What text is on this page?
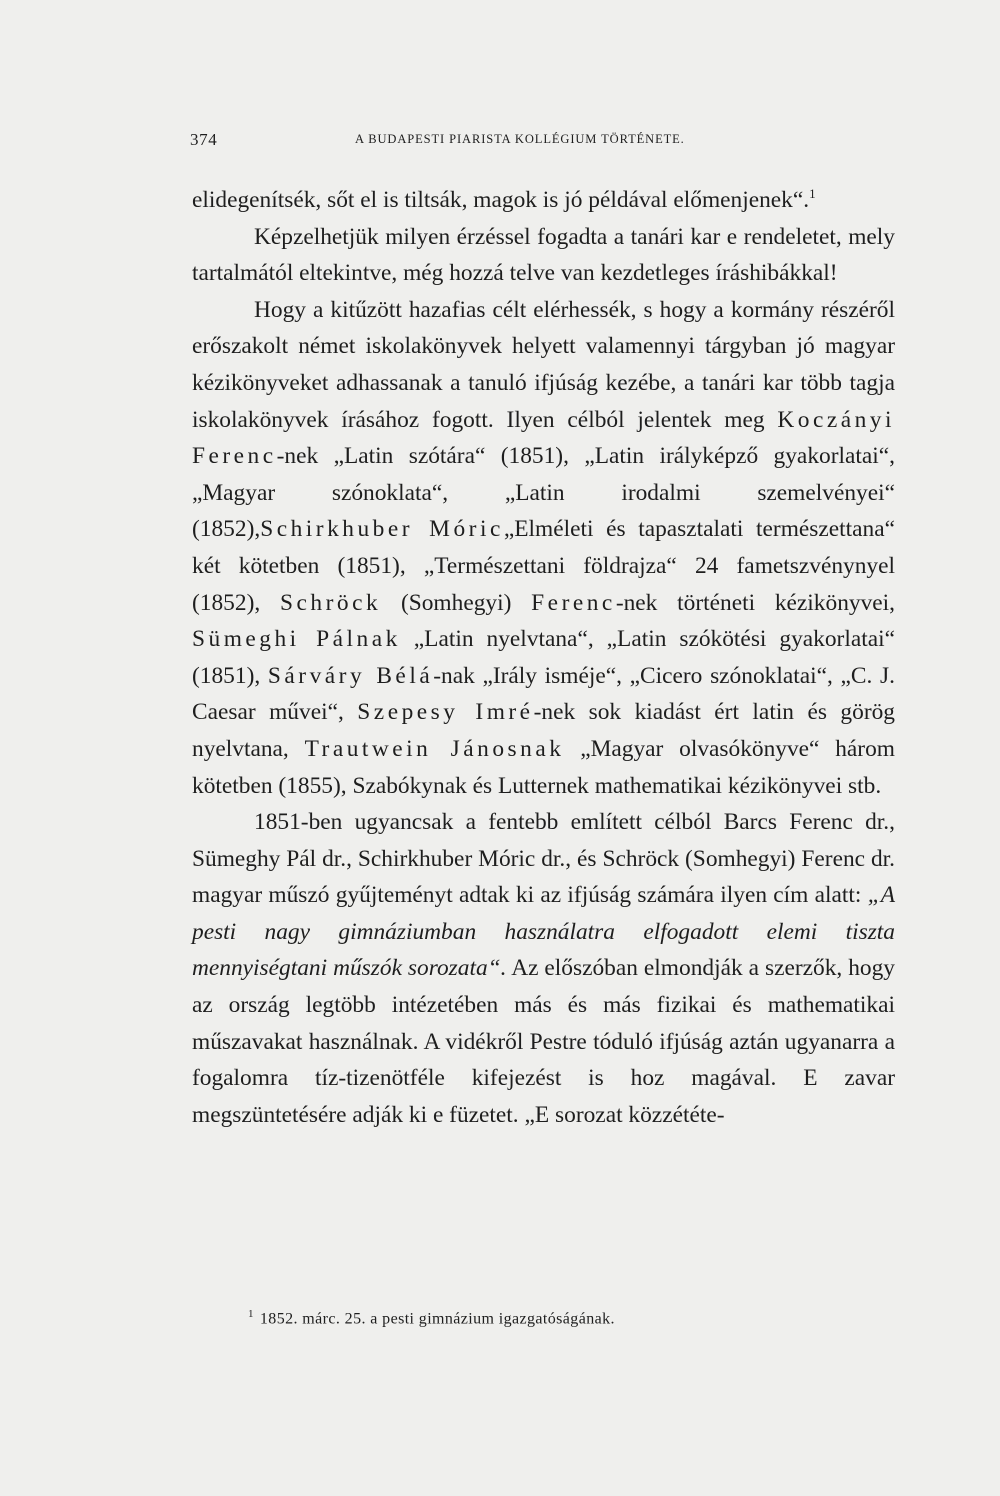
374	A BUDAPESTI PIARISTA KOLLÉGIUM TÖRTÉNETE.

elidegenítsék, sőt el is tiltsák, magok is jó példával előmenjenek“.$^1$

Képzelhetjük milyen érzéssel fogadta a tanári kar e rendeletet, mely tartalmától eltekintve, még hozzá telve van kezdetleges íráshibákkal!

Hogy a kitűzött hazafias célt elérhessék, s hogy a kormány részéről erőszakolt német iskolakönyvek helyett valamennyi tárgyban jó magyar kézikönyveket adhassanak a tanuló ifjúság kezébe, a tanári kar több tagja iskolakönyvek írásához fogott. Ilyen célból jelentek meg Koczányi Ferenc-nek „Latin szótára“ (1851), „Latin irályképző gyakorlatai“, „Magyar szónoklata“, „Latin irodalmi szemelvényei“ (1852),Schirkhuber Móric„Elméleti és tapasztalati természettana“ két kötetben (1851), „Természettani földrajza“ 24 fametszvénynyel (1852), Schröck (Somhegyi) Ferenc-nek történeti kézikönyvei, Sümeghi Pálnak „Latin nyelvtana“, „Latin szókötési gyakorlatai“ (1851), Sárváry Bélá-nak „Irály isméje“, „Cicero szónoklatai“, „C. J. Caesar művei“, Szepesy Imré-nek sok kiadást ért latin és görög nyelvtana, Trautwein Jánosnak „Magyar olvasókönyve“ három kötetben (1855), Szabókynak és Lutternek mathematikai kézikönyvei stb.

1851-ben ugyancsak a fentebb említett célból Barcs Ferenc dr., Sümeghy Pál dr., Schirkhuber Móric dr., és Schröck (Somhegyi) Ferenc dr. magyar műszó gyűjteményt adtak ki az ifjúság számára ilyen cím alatt: „A pesti nagy gimnáziumban használatra elfogadott elemi tiszta mennyiségtani műszók sorozata“. Az előszóban elmondják a szerzők, hogy az ország legtöbb intézetében más és más fizikai és mathematikai műszavakat használnak. A vidékről Pestre tóduló ifjúság aztán ugyanarra a fogalomra tíz-tizenötféle kifejezést is hoz magával. E zavar megszüntetésére adják ki e füzetet. „E sorozat közzététe-

$^1$ 1852. márc. 25. a pesti gimnázium igazgatóságának.
